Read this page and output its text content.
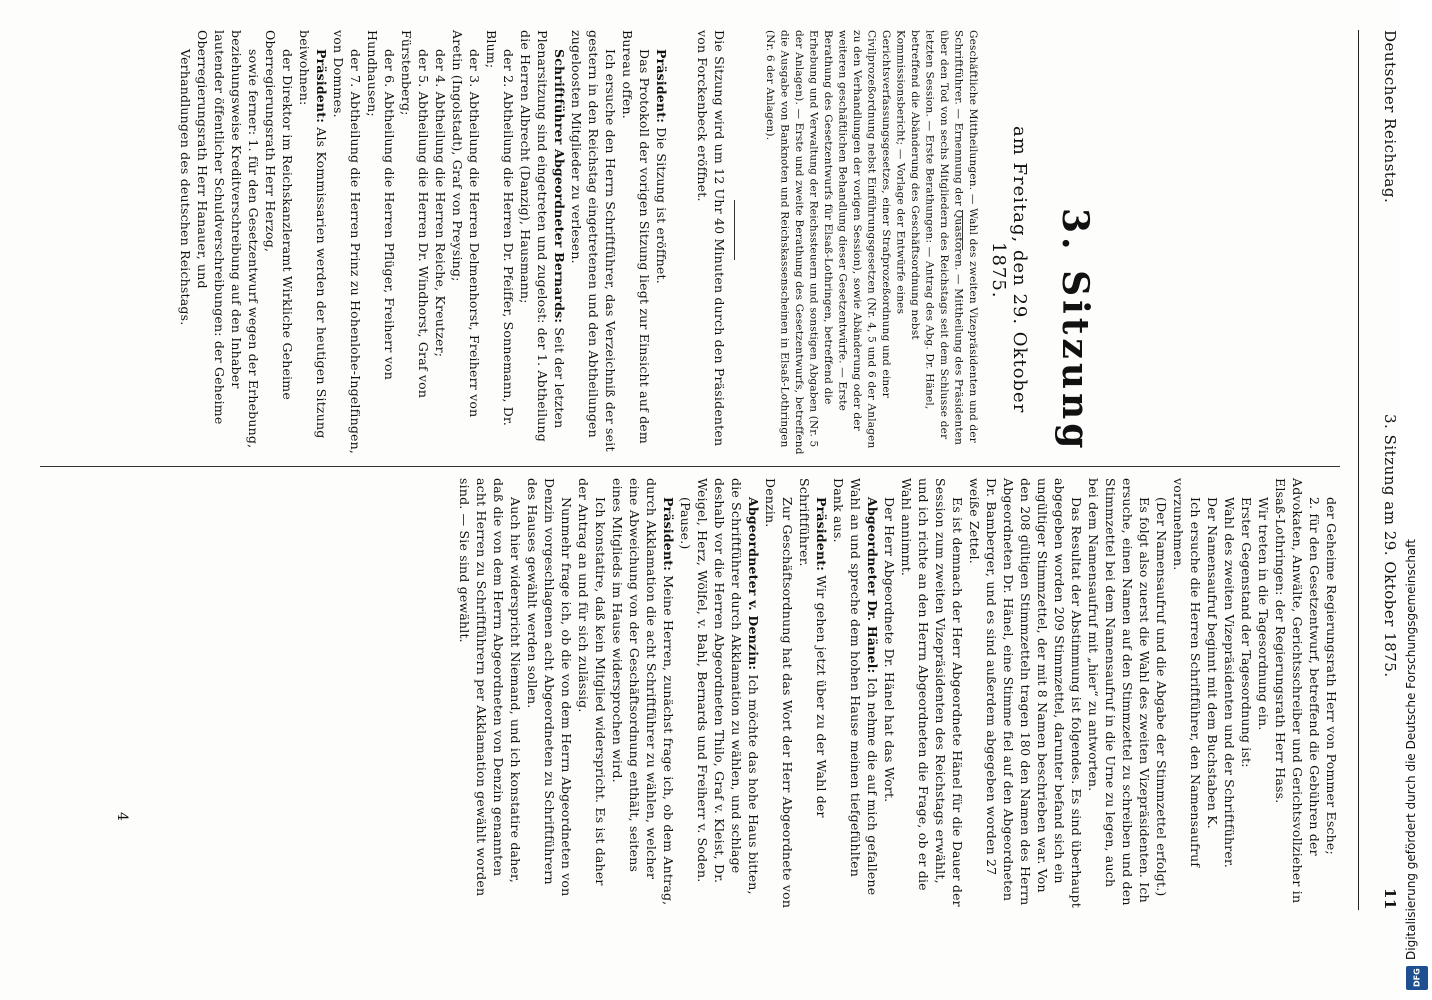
Deutscher Reichstag.
3. Sitzung am 29. Oktober 1875.
11
3. Sitzung
am Freitag, den 29. Oktober 1875.
Geschäftliche Mittheilungen. — Wahl des zweiten Vizepräsidenten und der Schriftführer. — Ernennung der Quästoren. — Mittheilung des Präsidenten über den Tod von sechs Mitgliedern des Reichstags seit dem Schlusse der letzten Session. — Erste Berathungen: — Antrag des Abg. Dr. Hänel, betreffend die Abänderung des Geschäftsordnung nebst Kommissionsbericht; — Vorlage der Entwürfe eines Gerichtsverfassungsgesetzes, einer Strafprozeßordnung und einer Civilprozeßordnung nebst Einführungsgesetzen (Nr. 4, 5 und 6 der Anlagen zu den Verhandlungen der vorigen Session), sowie Abänderung oder der weiteren geschäftlichen Behandlung dieser Gesetzentwürfe. — Erste Berathung des Gesetzentwurfs für Elsaß-Lothringen, betreffend die Erhebung und Verwaltung der Reichssteuern und sonstigen Abgaben (Nr. 5 der Anlagen). — Erste und zweite Berathung des Gesetzentwurfs, betreffend die Ausgabe von Banknoten und Reichskassenscheinen in Elsaß-Lothringen (Nr. 6 der Anlagen).
Die Sitzung wird um 12 Uhr 40 Minuten durch den Präsidenten von Forckenbeck eröffnet.
Präsident: Die Sitzung ist eröffnet.
Das Protokoll der vorigen Sitzung liegt zur Einsicht auf dem Bureau offen.
Ich ersuche den Herrn Schriftführer, das Verzeichniß der seit gestern in den Reichstag eingetretenen und den Abtheilungen zugeloosten Mitglieder zu verlesen.
Schriftführer Abgeordneter Bernards: Seit der letzten Plenarsitzung sind eingetreten und zugelost: der 1. Abtheilung die Herren Albrecht (Danzig), Hausmann;
der 2. Abtheilung die Herren Dr. Pfeiffer, Sonnemann, Dr. Blum;
der 3. Abtheilung die Herren Delmenhorst, Freiherr von Aretin (Ingolstadt), Graf von Preysing;
der 4. Abtheilung die Herren Reiche, Kreutzer;
der 5. Abtheilung die Herren Dr. Windhorst, Graf von Fürstenberg;
der 6. Abtheilung die Herren Pflüger, Freiherr von Hundhausen;
der 7. Abtheilung die Herren Prinz zu Hohenlohe-Ingelfingen, von Dommes.
Präsident: Als Kommissarien werden der heutigen Sitzung beiwohnen:
der Direktor im Reichskanzleramt Wirkliche Geheime Oberregierungsrath Herr Herzog,
sowie ferner: 1. für den Gesetzentwurf wegen der Erhebung, beziehungsweise Kreditverschreibung auf den Inhaber lautender öffentlicher Schuldverschreibungen: der Geheime Oberregierungsrath Herr Hanauer, und
Verhandlungen des deutschen Reichstags.
der Geheime Regierungsrath Herr von Pommer Esche;
2. für den Gesetzentwurf, betreffend die Gebühren der Advokaten, Anwälte, Gerichtsschreiber und Gerichtsvollzieher in Elsaß-Lothringen: der Regierungsrath Herr Hass.
Wir treten in die Tagesordnung ein.
Erster Gegenstand der Tagesordnung ist:
Wahl des zweiten Vizepräsidenten und der Schriftführer.
Der Namensaufruf beginnt mit dem Buchstaben K.
Ich ersuche die Herren Schriftführer, den Namensaufruf vorzunehmen.
(Der Namensaufruf und die Abgabe der Stimmzettel erfolgt.)
Es folgt also zuerst die Wahl des zweiten Vizepräsidenten. Ich ersuche, einen Namen auf den Stimmzettel zu schreiben und den Stimmzettel bei dem Namensaufruf in die Urne zu legen, auch bei dem Namensaufruf mit „hier“ zu antworten.
Das Resultat der Abstimmung ist folgendes. Es sind überhaupt abgegeben worden 209 Stimmzettel, darunter befand sich ein ungültiger Stimmzettel, der mit 8 Namen beschrieben war. Von den 208 gültigen Stimmzetteln tragen 180 den Namen des Herrn Abgeordneten Dr. Hänel, eine Stimme fiel auf den Abgeordneten Dr. Bamberger, und es sind außerdem abgegeben worden 27 weiße Zettel.
Es ist demnach der Herr Abgeordnete Hänel für die Dauer der Session zum zweiten Vizepräsidenten des Reichstags erwählt, und ich richte an den Herrn Abgeordneten die Frage, ob er die Wahl annimmt.
Der Herr Abgeordnete Dr. Hänel hat das Wort.
Abgeordneter Dr. Hänel: Ich nehme die auf mich gefallene Wahl an und spreche dem hohen Hause meinen tiefgefühlten Dank aus.
Präsident: Wir gehen jetzt über zu der Wahl der Schriftführer.
Zur Geschäftsordnung hat das Wort der Herr Abgeordnete von Denzin.
Abgeordneter v. Denzin: Ich möchte das hohe Haus bitten, die Schriftführer durch Akklamation zu wählen, und schlage deshalb vor die Herren Abgeordneten Thilo, Graf v. Kleist, Dr. Weigel, Herz, Wölfel, v. Bahl, Bernards und Freiherr v. Soden.
(Pause.)
Präsident: Meine Herren, zunächst frage ich, ob dem Antrag, durch Akklamation die acht Schriftführer zu wählen, welcher eine Abweichung von der Geschäftsordnung enthält, seitens eines Mitglieds im Hause widersprochen wird.
Ich konstatire, daß kein Mitglied widerspricht. Es ist daher der Antrag an und für sich zulässig.
Nunmehr frage ich, ob die von dem Herrn Abgeordneten von Denzin vorgeschlagenen acht Abgeordneten zu Schriftführern des Hauses gewählt werden sollen.
Auch hier widerspricht Niemand, und ich konstatire daher, daß die von dem Herrn Abgeordneten von Denzin genannten acht Herren zu Schriftführern per Akklamation gewählt worden sind. — Sie sind gewählt.
4	Digitalisierung gefördert durch die Deutsche Forschungsgemeinschaft
DFG
